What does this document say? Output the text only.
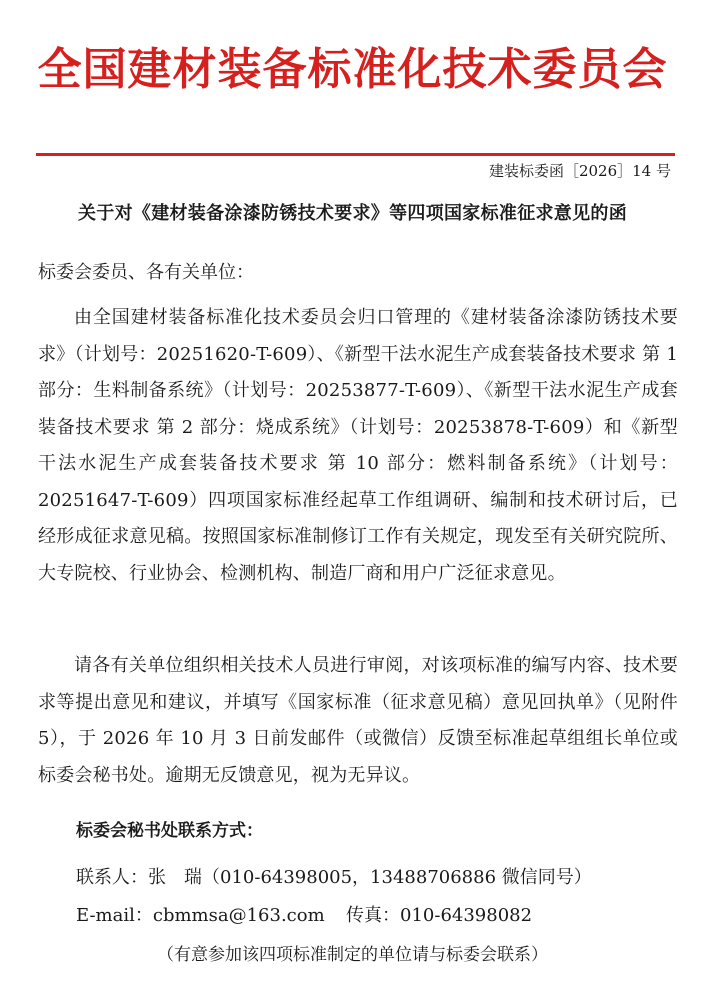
全国建材装备标准化技术委员会
建装标委函［2026］14 号
关于对《建材装备涂漆防锈技术要求》等四项国家标准征求意见的函
标委会委员、各有关单位：

由全国建材装备标准化技术委员会归口管理的《建材装备涂漆防锈技术要求》（计划号：20251620-T-609）、《新型干法水泥生产成套装备技术要求 第 1 部分：生料制备系统》（计划号：20253877-T-609）、《新型干法水泥生产成套装备技术要求 第 2 部分：烧成系统》（计划号：20253878-T-609）和《新型干法水泥生产成套装备技术要求 第 10 部分：燃料制备系统》（计划号：20251647-T-609）四项国家标准经起草工作组调研、编制和技术研讨后，已经形成征求意见稿。按照国家标准制修订工作有关规定，现发至有关研究院所、大专院校、行业协会、检测机构、制造厂商和用户广泛征求意见。

请各有关单位组织相关技术人员进行审阅，对该项标准的编写内容、技术要求等提出意见和建议，并填写《国家标准（征求意见稿）意见回执单》（见附件 5），于 2026 年 10 月 3 日前发邮件（或微信）反馈至标准起草组组长单位或标委会秘书处。逾期无反馈意见，视为无异议。

标委会秘书处联系方式：
联系人：张　瑞（010-64398005，13488706886 微信同号）
E-mail：cbmmsa@163.com 传真：010-64398082
（有意参加该四项标准制定的单位请与标委会联系）
